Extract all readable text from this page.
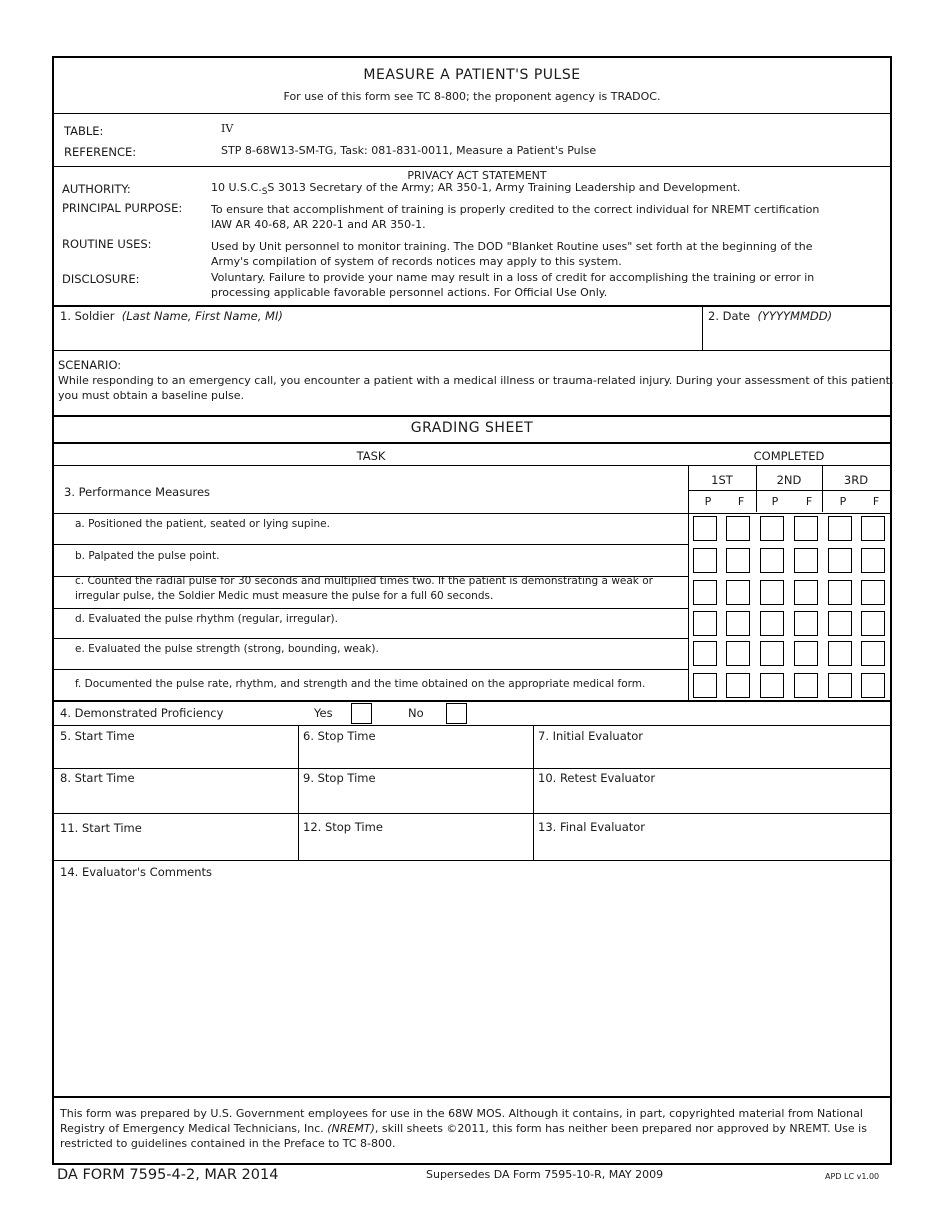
MEASURE A PATIENT'S PULSE
For use of this form see TC 8-800; the proponent agency is TRADOC.
TABLE:	IV
REFERENCE:	STP 8-68W13-SM-TG, Task: 081-831-0011, Measure a Patient's Pulse
PRIVACY ACT STATEMENT
AUTHORITY:	10 $U.S.C._SS$ 3013 Secretary of the Army; AR 350-1, Army Training Leadership and Development.
PRINCIPAL PURPOSE:	To ensure that accomplishment of training is properly credited to the correct individual for NREMT certification
IAW AR 40-68, AR 220-1 and AR 350-1.
ROUTINE USES:	Used by Unit personnel to monitor training. The DOD "Blanket Routine uses" set forth at the beginning of the
Army's compilation of system of records notices may apply to this system.
DISCLOSURE:	Voluntary. Failure to provide your name may result in a loss of credit for accomplishing the training or error in
processing applicable favorable personnel actions. For Official Use Only.
1. Soldier (Last Name, First Name, MI)	2. Date (YYYYMMDD)
SCENARIO:
While responding to an emergency call, you encounter a patient with a medical illness or trauma-related injury. During your assessment of this patient,
you must obtain a baseline pulse.
GRADING SHEET
TASK	COMPLETED
1ST	2ND	3RD
P	F	P	F	P	F
3. Performance Measures
a. Positioned the patient, seated or lying supine.
b. Palpated the pulse point.
c. Counted the radial pulse for 30 seconds and multiplied times two. If the patient is demonstrating a weak or
irregular pulse, the Soldier Medic must measure the pulse for a full 60 seconds.
d. Evaluated the pulse rhythm (regular, irregular).
e. Evaluated the pulse strength (strong, bounding, weak).
f. Documented the pulse rate, rhythm, and strength and the time obtained on the appropriate medical form.
4. Demonstrated Proficiency	Yes	No
5. Start Time	6. Stop Time	7. Initial Evaluator
8. Start Time	9. Stop Time	10. Retest Evaluator
11. Start Time	12. Stop Time	13. Final Evaluator
14. Evaluator's Comments
This form was prepared by U.S. Government employees for use in the 68W MOS. Although it contains, in part, copyrighted material from National
Registry of Emergency Medical Technicians, Inc. (NREMT), skill sheets ©2011, this form has neither been prepared nor approved by NREMT. Use is
restricted to guidelines contained in the Preface to TC 8-800.
DA FORM 7595-4-2, MAR 2014	Supersedes DA Form 7595-10-R, MAY 2009	APD LC v1.00
